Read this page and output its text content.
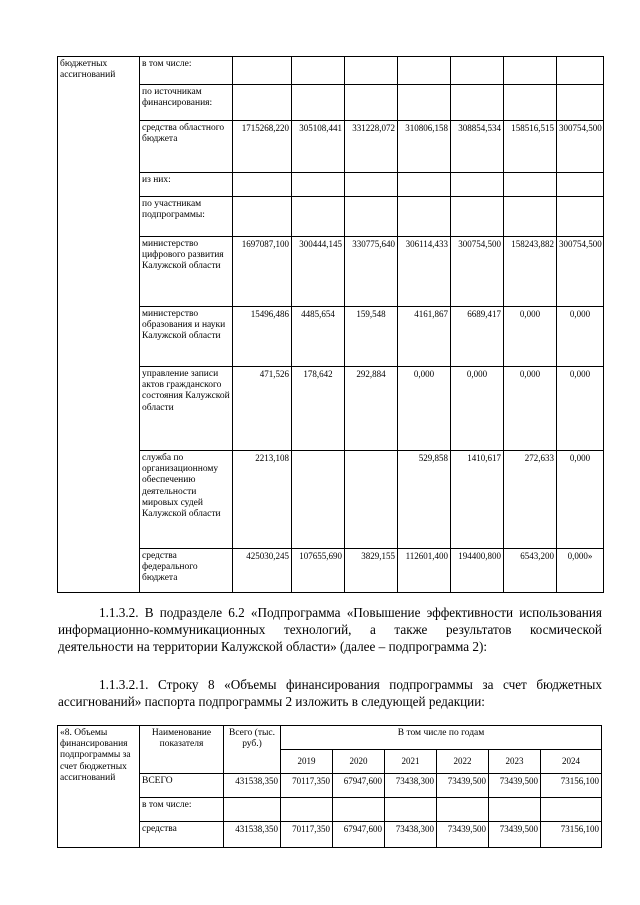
бюджетных ассигнований	в том числе:							
	по источникам финансирования:							
	средства областного бюджета	1715268,220	305108,441	331228,072	310806,158	308854,534	158516,515	300754,500
	из них:							
	по участникам подпрограммы:							
	министерство цифрового развития Калужской области	1697087,100	300444,145	330775,640	306114,433	300754,500	158243,882	300754,500
	министерство образования и науки Калужской области	15496,486	4485,654	159,548	4161,867	6689,417	0,000	0,000
	управление записи актов гражданского состояния Калужской области	471,526	178,642	292,884	0,000	0,000	0,000	0,000
	служба по организационному обеспечению деятельности мировых судей Калужской области	2213,108			529,858	1410,617	272,633	0,000
	средства федерального бюджета	425030,245	107655,690	3829,155	112601,400	194400,800	6543,200	0,000»
1.1.3.2. В подразделе 6.2 «Подпрограмма «Повышение эффективности использования информационно-коммуникационных технологий, а также результатов космической деятельности на территории Калужской области» (далее – подпрограмма 2):
1.1.3.2.1. Строку 8 «Объемы финансирования подпрограммы за счет бюджетных ассигнований» паспорта подпрограммы 2 изложить в следующей редакции:
«8. Объемы финансирования подпрограммы за счет бюджетных ассигнований	Наименование показателя	Всего (тыс. руб.)	В том числе по годам					
			2019	2020	2021	2022	2023	2024
	ВСЕГО	431538,350	70117,350	67947,600	73438,300	73439,500	73439,500	73156,100
	в том числе:							
	средства	431538,350	70117,350	67947,600	73438,300	73439,500	73439,500	73156,100
